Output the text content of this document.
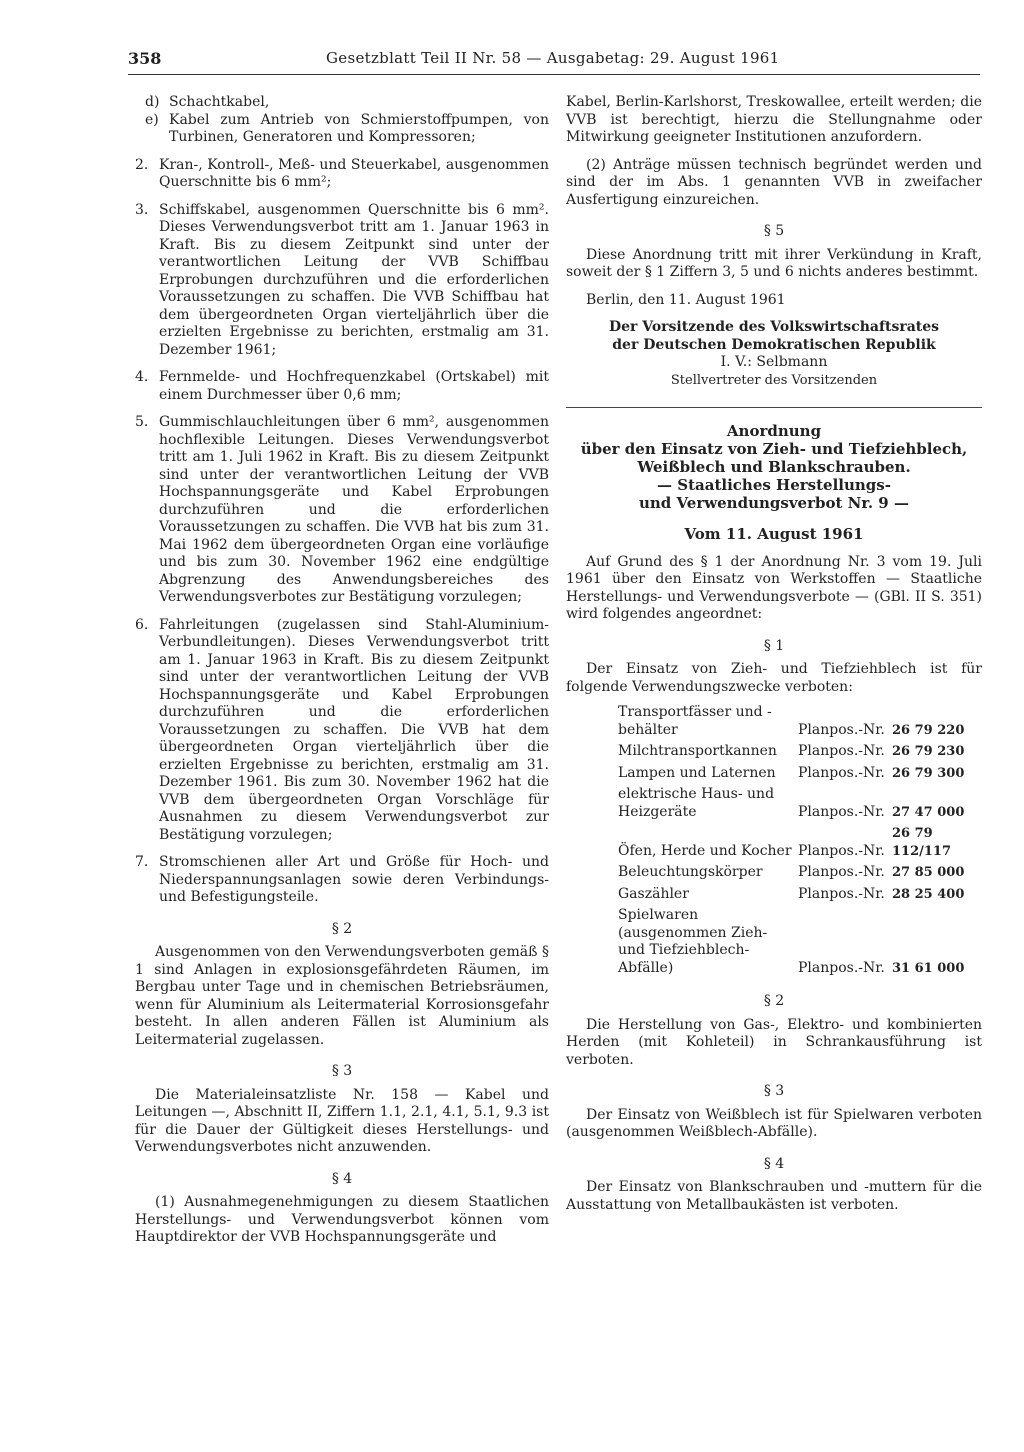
358	Gesetzblatt Teil II Nr. 58 — Ausgabetag: 29. August 1961
d) Schachtkabel,
e) Kabel zum Antrieb von Schmierstoffpumpen, von Turbinen, Generatoren und Kompressoren;
2. Kran-, Kontroll-, Meß- und Steuerkabel, ausgenommen Querschnitte bis 6 mm²;
3. Schiffskabel, ausgenommen Querschnitte bis 6 mm². Dieses Verwendungsverbot tritt am 1. Januar 1963 in Kraft. Bis zu diesem Zeitpunkt sind unter der verantwortlichen Leitung der VVB Schiffbau Erprobungen durchzuführen und die erforderlichen Voraussetzungen zu schaffen. Die VVB Schiffbau hat dem übergeordneten Organ vierteljährlich über die erzielten Ergebnisse zu berichten, erstmalig am 31. Dezember 1961;
4. Fernmelde- und Hochfrequenzkabel (Ortskabel) mit einem Durchmesser über 0,6 mm;
5. Gummischlauchleitungen über 6 mm², ausgenommen hochflexible Leitungen. Dieses Verwendungsverbot tritt am 1. Juli 1962 in Kraft. Bis zu diesem Zeitpunkt sind unter der verantwortlichen Leitung der VVB Hochspannungsgeräte und Kabel Erprobungen durchzuführen und die erforderlichen Voraussetzungen zu schaffen. Die VVB hat bis zum 31. Mai 1962 dem übergeordneten Organ eine vorläufige und bis zum 30. November 1962 eine endgültige Abgrenzung des Anwendungsbereiches des Verwendungsverbotes zur Bestätigung vorzulegen;
6. Fahrleitungen (zugelassen sind Stahl-Aluminium-Verbundleitungen). Dieses Verwendungsverbot tritt am 1. Januar 1963 in Kraft. Bis zu diesem Zeitpunkt sind unter der verantwortlichen Leitung der VVB Hochspannungsgeräte und Kabel Erprobungen durchzuführen und die erforderlichen Voraussetzungen zu schaffen. Die VVB hat dem übergeordneten Organ vierteljährlich über die erzielten Ergebnisse zu berichten, erstmalig am 31. Dezember 1961. Bis zum 30. November 1962 hat die VVB dem übergeordneten Organ Vorschläge für Ausnahmen zu diesem Verwendungsverbot zur Bestätigung vorzulegen;
7. Stromschienen aller Art und Größe für Hoch- und Niederspannungsanlagen sowie deren Verbindungs- und Befestigungsteile.
§ 2

Ausgenommen von den Verwendungsverboten gemäß § 1 sind Anlagen in explosionsgefährdeten Räumen, im Bergbau unter Tage und in chemischen Betriebsräumen, wenn für Aluminium als Leitermaterial Korrosionsgefahr besteht. In allen anderen Fällen ist Aluminium als Leitermaterial zugelassen.

§ 3

Die Materialeinsatzliste Nr. 158 — Kabel und Leitungen —, Abschnitt II, Ziffern 1.1, 2.1, 4.1, 5.1, 9.3 ist für die Dauer der Gültigkeit dieses Herstellungs- und Verwendungsverbotes nicht anzuwenden.

§ 4

(1) Ausnahmegenehmigungen zu diesem Staatlichen Herstellungs- und Verwendungsverbot können vom Hauptdirektor der VVB Hochspannungsgeräte und

Kabel, Berlin-Karlshorst, Treskowallee, erteilt werden; die VVB ist berechtigt, hierzu die Stellungnahme oder Mitwirkung geeigneter Institutionen anzufordern.

(2) Anträge müssen technisch begründet werden und sind der im Abs. 1 genannten VVB in zweifacher Ausfertigung einzureichen.

§ 5

Diese Anordnung tritt mit ihrer Verkündung in Kraft, soweit der § 1 Ziffern 3, 5 und 6 nichts anderes bestimmt.

Berlin, den 11. August 1961

Der Vorsitzende des Volkswirtschaftsrates
der Deutschen Demokratischen Republik
I. V.: Selbmann
Stellvertreter des Vorsitzenden
Anordnung
über den Einsatz von Zieh- und Tiefziehblech,
Weißblech und Blankschrauben.
— Staatliches Herstellungs-
und Verwendungsverbot Nr. 9 —
Vom 11. August 1961

Auf Grund des § 1 der Anordnung Nr. 3 vom 19. Juli 1961 über den Einsatz von Werkstoffen — Staatliche Herstellungs- und Verwendungsverbote — (GBl. II S. 351) wird folgendes angeordnet:

§ 1

Der Einsatz von Zieh- und Tiefziehblech ist für folgende Verwendungszwecke verboten:

Transportfässer und -behälter	Planpos.-Nr.	26 79 220
Milchtransportkannen	Planpos.-Nr.	26 79 230
Lampen und Laternen	Planpos.-Nr.	26 79 300
elektrische Haus- und Heizgeräte	Planpos.-Nr.	27 47 000
Öfen, Herde und Kocher	Planpos.-Nr.	26 79 112/117
Beleuchtungskörper	Planpos.-Nr.	27 85 000
Gaszähler	Planpos.-Nr.	28 25 400
Spielwaren (ausgenommen Zieh- und Tiefziehblech-Abfälle)	Planpos.-Nr.	31 61 000
§ 2

Die Herstellung von Gas-, Elektro- und kombinierten Herden (mit Kohleteil) in Schrankausführung ist verboten.

§ 3

Der Einsatz von Weißblech ist für Spielwaren verboten (ausgenommen Weißblech-Abfälle).

§ 4

Der Einsatz von Blankschrauben und -muttern für die Ausstattung von Metallbaukästen ist verboten.
